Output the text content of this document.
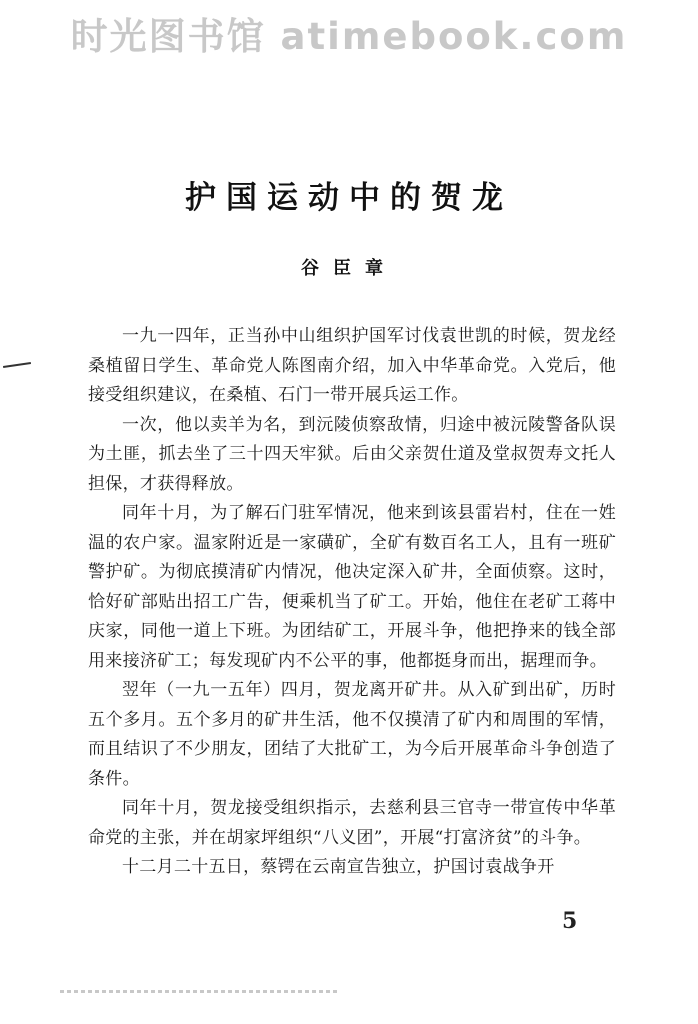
时光图书馆 atimebook.com
护国运动中的贺龙
谷臣章

一九一四年，正当孙中山组织护国军讨伐袁世凯的时候，贺龙经桑植留日学生、革命党人陈图南介绍，加入中华革命党。入党后，他接受组织建议，在桑植、石门一带开展兵运工作。

一次，他以卖羊为名，到沅陵侦察敌情，归途中被沅陵警备队误为土匪，抓去坐了三十四天牢狱。后由父亲贺仕道及堂叔贺寿文托人担保，才获得释放。

同年十月，为了解石门驻军情况，他来到该县雷岩村，住在一姓温的农户家。温家附近是一家磺矿，全矿有数百名工人，且有一班矿警护矿。为彻底摸清矿内情况，他决定深入矿井，全面侦察。这时，恰好矿部贴出招工广告，便乘机当了矿工。开始，他住在老矿工蒋中庆家，同他一道上下班。为团结矿工，开展斗争，他把挣来的钱全部用来接济矿工；每发现矿内不公平的事，他都挺身而出，据理而争。

翌年（一九一五年）四月，贺龙离开矿井。从入矿到出矿，历时五个多月。五个多月的矿井生活，他不仅摸清了矿内和周围的军情，而且结识了不少朋友，团结了大批矿工，为今后开展革命斗争创造了条件。

同年十月，贺龙接受组织指示，去慈利县三官寺一带宣传中华革命党的主张，并在胡家坪组织“八义团”，开展“打富济贫”的斗争。

十二月二十五日，蔡锷在云南宣告独立，护国讨袁战争开

5
